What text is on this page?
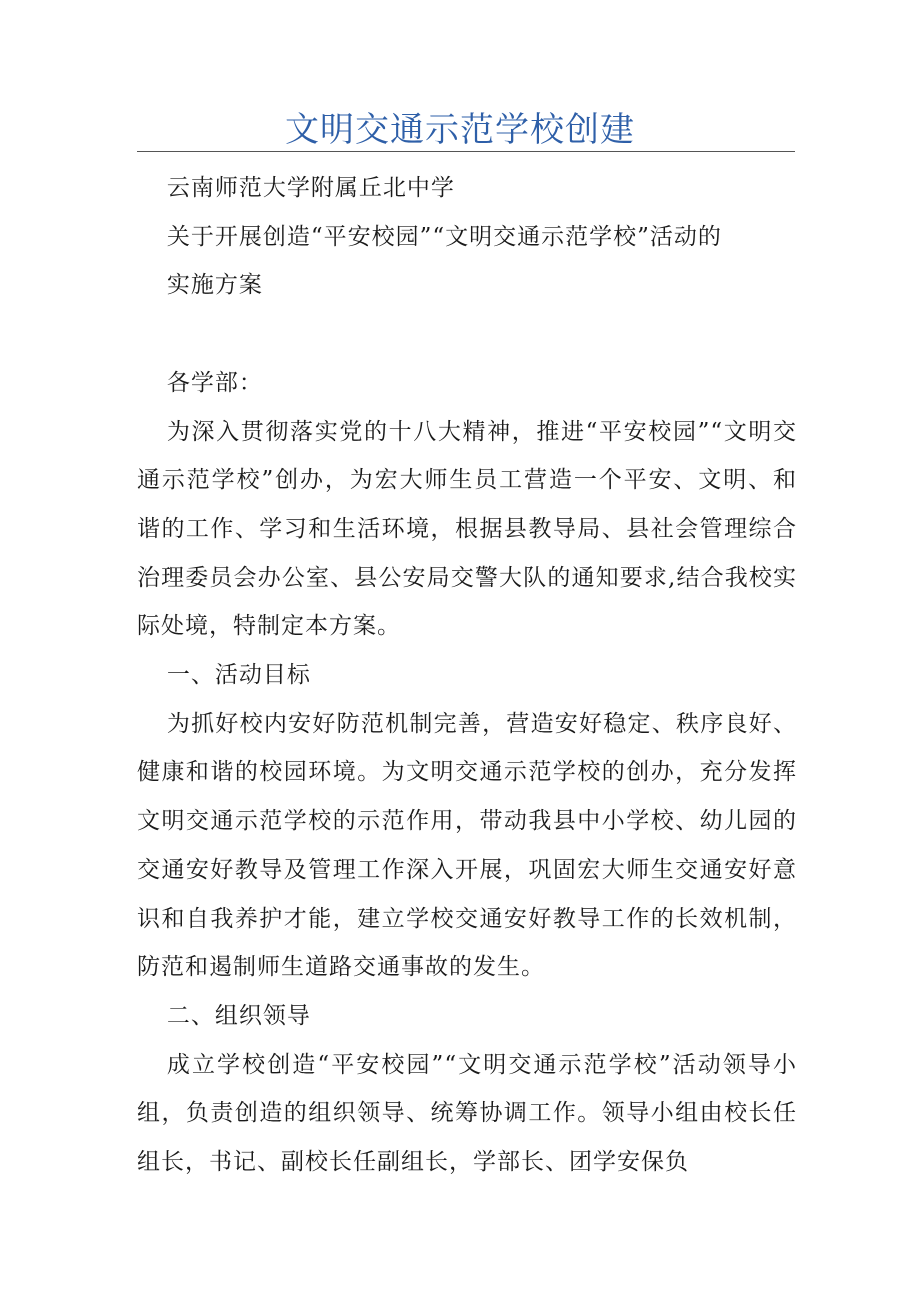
文明交通示范学校创建

云南师范大学附属丘北中学

关于开展创造“平安校园”“文明交通示范学校”活动的

实施方案

各学部：

为深入贯彻落实党的十八大精神，推进“平安校园”“文明交通示范学校”创办，为宏大师生员工营造一个平安、文明、和谐的工作、学习和生活环境，根据县教导局、县社会管理综合治理委员会办公室、县公安局交警大队的通知要求,结合我校实际处境，特制定本方案。

一、活动目标

为抓好校内安好防范机制完善，营造安好稳定、秩序良好、健康和谐的校园环境。为文明交通示范学校的创办，充分发挥文明交通示范学校的示范作用，带动我县中小学校、幼儿园的交通安好教导及管理工作深入开展，巩固宏大师生交通安好意识和自我养护才能，建立学校交通安好教导工作的长效机制，防范和遏制师生道路交通事故的发生。

二、组织领导

成立学校创造“平安校园”“文明交通示范学校”活动领导小组，负责创造的组织领导、统筹协调工作。领导小组由校长任组长，书记、副校长任副组长，学部长、团学安保负
